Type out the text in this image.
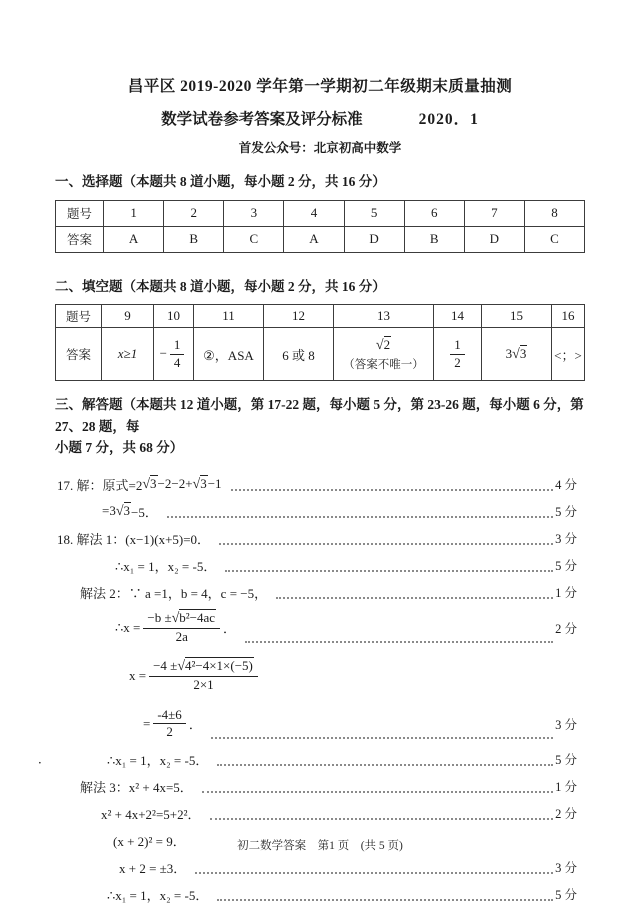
昌平区 2019-2020 学年第一学期初二年级期末质量抽测
数学试卷参考答案及评分标准	2020．1
首发公众号：北京初高中数学
一、选择题（本题共 8 道小题，每小题 2 分，共 16 分）
题号	1	2	3	4	5	6	7	8
答案	A	B	C	A	D	B	D	C
二、填空题（本题共 8 道小题，每小题 2 分，共 16 分）
题号	9	10	11	12	13	14	15	16
答案	x≥1	− $\frac{1}{4}$	②，ASA	6 或 8	√2
（答案不唯一）	$\frac{1}{2}$	3√3	<；>
三、解答题（本题共 12 道小题，第 17-22 题，每小题 5 分，第 23-26 题，每小题 6 分，第 27、28 题，每
小题 7 分，共 68 分）
17. 解：原式=2 √3 −2−2+ √3 −1	4 分
=3 √3 −5．	5 分
18. 解法 1：(x−1)(x+5)=0．	3 分
∴x₁ = 1，x₂ = -5．	5 分
解法 2：∵ a =1，b = 4，c = −5，	1 分
∴x = $\frac{\text{−b ±√b²−4ac}}{2a}$ ．	2 分
$x = \frac{\text{−4 ±√4²−4×1×(−5)}}{2\times 1}$
= $\frac{-4\pm 6}{2}$ ．	3 分
．	∴x₁ = 1，x₂ = -5．	5 分
解法 3：x² + 4x=5．	1 分
x² + 4x+2²=5+2²．	2 分
(x + 2)² = 9．
x + 2 = ±3．	3 分
∴x₁ = 1，x₂ = -5．	5 分
初二数学答案　第1 页　(共 5 页)
